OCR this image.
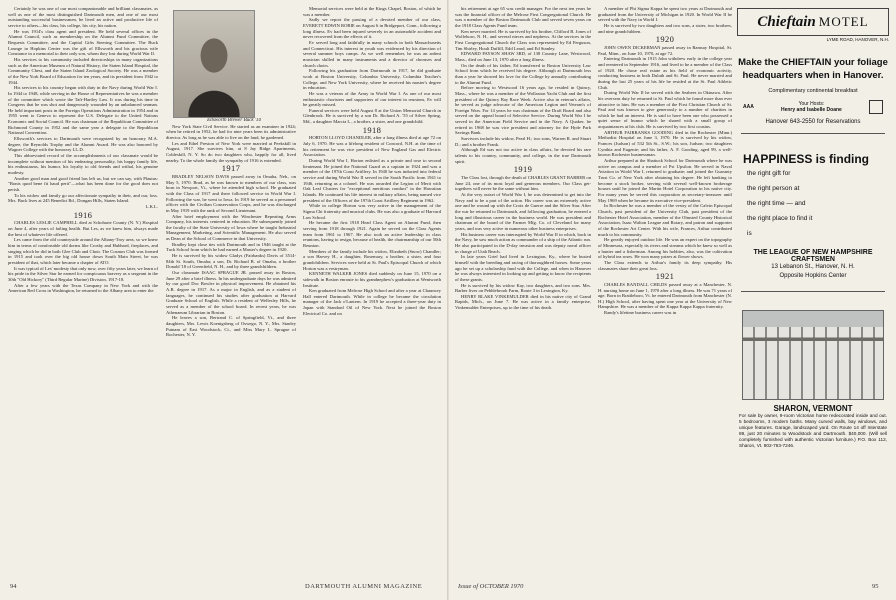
Certainly he was one of our most companionable and brilliant classmates, as well as one of the most distinguished Dartmouth men, and one of our most outstanding successful businessmen, he lived an active and productive life of service to others—his class, his college, his city, his nation.

He was 1914's class agent and president. He held several offices in the Alumni Council, such as membership on the Alumni Fund Committee, the Bequests Committee, and the Capital Gifts Steering Committee. The Buck Lounge in Hopkins Center was the gift of Ellsworth and his gracious wife Constance in a memorial to their only son, whom they lost during World War II.

His services to his community included directorships in many organizations such as the American Museum of Natural History, the Staten Island Hospital, the Community Chest, and the Staten Island Zoological Society. He was a member of the New York Board of Education for ten years, and its president from 1942 to 1944.

His services to his country began with duty in the Navy during World War I. In 1944 to 1948, while serving in the House of Representatives he was a member of the committee which wrote the Taft-Hartley Law. It was during his time in Congress that he was shot and dangerously wounded by an unbalanced seaman. He held important posts in the Foreign Operations Administration in 1954 and in 1955 went to Geneva to represent the U.S. Delegate to the United Nations Economic and Social Council. He was chairman of the Republican Committee of Richmond County in 1952 and the same year a delegate to the Republican National Convention.

Ellsworth's services to Dartmouth were recognized by an honorary M.A. degree, the Reynolds Trophy and the Alumni Award. He was also honored by Wagner College with the honorary LL.D.

This abbreviated record of the accomplishments of our classmate would be incomplete without mention of his endearing personality, his happy family life, his enthusiasms, his humor, his loyalty to old friends and withal, his genuine modesty.

Another good man and good friend has left us, but we can say, with Plautus: "Bonis quod bene fit haud perit"—what has been done for the good does not perish.

To his widow and family go our affectionate sympathy in their, and our, loss. Mrs. Buck lives at 245 Benedict Rd., Dongan Hills, Staten Island.

L.K.L.

1916

CHARLES LESLIE CAMPBELL died at Schoharie County (N. Y.) Hospital on June 4, after years of failing health. But Les, as we knew him, always made the best of whatever life offered.

Les came from the old countryside around the Albany-Troy area, so we knew him in terms of comfortable old dorms like Crosby and Hubbard, fireplaces, and singing which he did in both Glee Club and Choir. The Cosmos Club was formed in 1915 and took over the big old house down South Main Street, he was president of that, which later became a chapter of ATO.

It was typical of Les' modesty that only now, over fifty years later, we learn of his pride in the Silver Star he earned for conspicuous bravery as a sergeant in the 30th "Old Hickory" (Third Regular Marine) Division, 1917-18.

After a few years with the Texas Company in New York and with the American Red Cross in Washington, he returned to the Albany area to enter the

Ellsworth Brewer Buck '14

New York State Civil Service. He started as an examiner in 1924; when he retired in 1952, he had for nine years been its administrative director. As long as he was able to live on the land, he gardened.

Les and Ethel Preston of New York were married at Peekskill in August, 1917. She survives him, at 8 Jay Ridge Apartments, Cobleskill, N. Y. So do two daughters who, happily for all, lived nearby. To the whole family the sympathy of 1916 is extended.

1917

BRADLEY NELSON DAVIS passed away in Omaha, Neb., on May 5, 1970. Brad, as he was known to members of our class, was born in Newport, Vt., where he attended high school. He graduated with the Class of 1917 and there followed service in World War I. Following the war, he went to Iowa. In 1919 he served as a personnel officer with the Civilian Conservation Corps, and he was discharged in May 1919 with the rank of Second Lieutenant.

After brief employment with the Winchester Repeating Arms Company, his interests centered in education. He subsequently joined the faculty of the State University of Iowa where he taught Industrial Management, Marketing, and Scientific Management. He also served as Dean of the School of Commerce in that University.

Bradley kept close ties with Dartmouth and in 1946 taught at the Tuck School from which he had earned a Master's degree in 1920.

He is survived by his widow Gladys (Fairbanks) Davis of 3514-84th St. South, Omaha; a son, Dr. Richard B. of Omaha, a brother Donald '18 of Greenfield, N. H., and by three grandchildren.

Our classmate ISAAC SPRAGUE JR. passed away in Boston, June 29 after a brief illness. In his undergraduate days he was admired by our good Doc Bowler in physical improvement. He obtained his A.B. degree in 1917. As a major in English, and as a student of languages, he continued his studies after graduation at Harvard Graduate School of English. While a resident of Wellesley Hills, he served as a member of the school board. In recent years, he was Athenaeum Librarian in Boston.

He leaves a son, Bertrand C. of Springfield, Vt., and three daughters, Mrs. Lewis Koenigsberg of Oswego, N. Y., Mrs. Stanley Putnam of East Woodstock, Ct., and Miss Mary L. Sprague of Rochester, N. Y.

Memorial services were held at the Kings Chapel, Boston, of which he was a member.

Sadly we report the passing of a devoted member of our class, EVERETT EDWIN ROBIE on August 6 in Bridgeport, Conn., following a long illness. Ev had been injured severely in an automobile accident and never recovered from the effects of it.

Ev served long and faithfully in many schools in both Massachusetts and Connecticut. His interest in youth was evidenced by his direction of several summer boys camps. As we well remember, he was an ardent musician skilled in many instruments and a director of choruses and church choirs.

Following his graduation from Dartmouth in 1917, he did graduate work at Boston University, Columbia University, Columbia Teacher's College, and New York University, where he received his master's degree in education.

He was a veteran of the Army in World War I. As one of our most enthusiastic choristers and supporters of our interest in reunions, Ev will be greatly missed.

Funeral services were held August 8 at the Union Memorial Church in Glenbrook. He is survived by a son Dr. Richard A. '55 of Silver Spring, Md., a daughter Marcia L., a brother, a sister, and one grandchild.

1918

HORTON LLOYD CHANDLER, after a long illness died at age 72 on July 6, 1970. He was a lifelong resident of Concord, N.H. at the time of his retirement he was vice president of New England Gas and Electric Association.

During World War I, Horton enlisted as a private and rose to second lieutenant. He joined the National Guard as a captain in 1924 and was a member of the 197th Coast Artillery. In 1940 he was inducted into federal service and during World War II served in the South Pacific from 1941 to 1946, returning as a colonel. He was awarded the Legion of Merit with Oak Leaf Clusters for "exceptional meritious conduct" in the Hawaiian Islands. He continued his life interest in military affairs, being named vice president of the Officers of the 197th Coast Artillery Regiment in 1962.

While in college Horton was very active in the management of the Sigma Chi fraternity and musical clubs. He was also a graduate of Harvard Law School.

He became the first 1918 Head Class Agent on Alumni Fund, then serving from 1918 through 1921. Again he served on the Class Agents team from 1961 to 1967. He also took an active leadership in class reunions, having to resign, because of health, the chairmanship of our 50th Reunion.

Members of the family include his widow, Elizabeth (Snow) Chandler; a son Harvey H., a daughter, Rosemary, a brother, a sister, and four grandchildren. Services were held at St. Paul's Episcopal Church of which Horton was a vestryman.

KENNETH WALKER JONES died suddenly on June 15, 1970 on a sidewalk in Boston enroute to his grandnephew's graduation at Wentworth Institute.

Ken graduated from Melrose High School and after a year at Chauncey Hall entered Dartmouth. While in college he became the circulation manager of the Jack o'Lantern. In 1919 he accepted a three-year duty in Japan with Standard Oil of New York. Next he joined the Boston Electrical Co. and on

94	DARTMOUTH ALUMNI MAGAZINE

his retirement at age 65 was credit manager. For the next ten years he was the financial officer of the Melrose First Congregational Church. He was a member of the Boston Dartmouth Club and served seven years on the 1918 Class Agents Fund team.

Ken never married. He is survived by his brother, Clifford B. Jones of Wolfeboro, N. H., and several nieces and nephews. At the services in the First Congregational Church the Class was represented by Ed Ferguson, Tim Shirley, Hoult Duffill, Edd Leard, and Ed Stanley.

EDWARD PAYSON SHAW 3RD, of 138 Country Lane, Westwood, Mass., died on June 13, 1970 after a long illness.

On the death of his father, Ed transferred to Boston University Law School from which he received his degree. Although at Dartmouth less than a year he showed his love for the College by annually contributing to the Alumni Fund.

Before moving to Westwood 16 years ago, he resided in Quincy, Mass., where he was a member of the Wollaston Yacht Club and the first president of the Quincy Bay Race Week. Active also in veteran's affairs, he served as judge advocate of the American Legion and Veteran's of Foreign Wars. For 14 years he was chairman of the Draft Board and also served on the appeal board of Selective Service. During World War I he served in the American Field Service and in the Navy. A Quaker, he retired in 1968 he was vice president and attorney for the Hyde Park Savings Bank.

Survivors include his widow, Pearl H.; two sons, Warren R. and Stuart D.; and a brother Frank.

Although Ed was not too active in class affairs, he devoted his rare talents to his country, community, and college, in the true Dartmouth spirit.

1919

The Class lost, through the death of CHARLES GRANT BARBER on June 24, one of its most loyal and generous members. Our Class get-togethers will never be the same without him.

At the very outset of World War I, he was determined to get into the Navy and to be a part of the action. His career was an extremely active one and he wound up with the Croix de Guerre and the Silver Star. After the war he returned to Dartmouth, and following graduation, he entered a long and illustrious career in the business world. He was president and chairman of the board of the Farmer Mfg. Co. of Cleveland for many years, and was very active in numerous other business enterprises.

His business career was interrupted by World War II in which, back in the Navy, he saw much action as commander of a ship of the Atlantic run. He also participated in the D-day invasion and was deputy naval officer in charge of Utah Beach.

In late years Grief had lived in Lexington, Ky., where he busied himself with the breeding and racing of thoroughbred horses. Some years ago he set up a scholarship fund with the College, and when in Hanover he was always interested in looking up and getting to know the recipients of these grants.

He is survived by his widow Kay, two daughters, and two sons. Mrs. Barber lives on Pebblebrook Farm, Route 3 in Lexington, Ky.

HENRY BLAKE VINKEMULDER died in his native city of Grand Rapids, Mich., on June 7. He was active in a family enterprise, Vinkemulder Enterprises, up to the time of his death.

A member of Phi Sigma Kappa he spent two years at Dartmouth and graduated from the University of Michigan in 1920. In World War II he served with the Navy in World I.

He is survived by two daughters and two sons, a sister, two brothers, and nine grandchildren.

1920

JOHN OWEN DICKERMAN passed away in Ramsay Hospital, St. Paul, Minn., on June 10, 1970, at age 72.

Entering Dartmouth in 1915 John withdrew early in the college year and reentered in September 1916, and lived to be a member of the Class of 1920. He chose real estate as his field of economic activity, conducting business in both Duluth and St. Paul. He never married and during the last 25 years of his life he resided at the St. Paul Athletic Club.

During World War II he served with the Seabees in Okinawa. After his overseas duty he returned to St. Paul which he found more than ever attractive to him. He was a member of the First Christian Church of St. Paul and was known to give generously to a number of charities in which he had an interest. He is said to have been one who possessed a quiet sense of humor which he shared with a small group of acquaintances at his club. He is survived by two first cousins.

ARTHUR FAIRBANKS GOODING died in the Rochester (Minn.) Methodist Hospital on June 3, 1970. He is survived by his widow, Frances (Judson) of 532 5th St., S.W.; his son, Judson; two daughters Cynthia and Eugenie; and his father, A. F. Gooding, aged 99, a well-known Rochester businessman.

Arthur prepared at the Shattuck School for Dartmouth where he was active on campus and a member of Psi Upsilon. He served in Naval Aviation in World War I, returned to graduate; and joined the Guaranty Trust Co. of New York after obtaining his degree. He left banking to become a stock broker, serving with several well-known brokerage houses until he joined the Martin Hotel Corporation in his native city. For many years he served this corporation as secretary-treasurer until May 1969 when he became its executive vice-president.

In Rochester he was a member of the vestry of the Calvin Episcopal Church, past president of the University Club, past president of the Rochester Hotel Association, member of the Olmsted County Historical Association, Isaac Walton League and Rotary, and patron and supporter of the Rochester Art Center. With his wife, Frances, Arthur contributed much to his community.

He greatly enjoyed outdoor life. He was an expert on the topography of Minnesota, especially its rivers and streams which he knew so well as a hunter and a fisherman. Among his hobbies, also, was the cultivation of hybrid tea roses. He won many prizes at flower shows.

The Class extends to Arthur's family its deep sympathy. His classmates share their great loss.

1921

CHARLES RANDALL CHILDS passed away at a Manchester, N. H. nursing home on June 1, 1970 after a long illness. He was 71 years of age. Born in Brattleboro, Vt. he entered Dartmouth from Manchester (N. H.) High School, after having spent one year at the University of New Hampshire. He was a member of the Kappa Kappa Kappa fraternity.

Randy's lifetime business career was in

Issue of OCTOBER 1970	95
Chieftain MOTEL
LYME ROAD, HANOVER, N.H.
Make the CHIEFTAIN your foliage headquarters when in Hanover.
Complimentary continental breakfast
AAA	Your Hosts:
Henry and Isabelle Doane
Hanover 643-2550 for Reservations
HAPPINESS is finding
the right gift for
the right person at
the right time — and
the right place to find it
is
THE LEAGUE OF NEW HAMPSHIRE CRAFTSMEN
13 Lebanon St., Hanover, N. H.
Opposite Hopkins Center
SHARON, VERMONT
For sale by owner, 9-room Victorian home redecorated inside and out. 5 bedrooms, 3 modern baths. Many curved walls, bay windows, and unique features. Garage, landscaped yard. On Route 14 off Interstate 89, just 20 minutes to Woodstock and Dartmouth. $40,000. (Will sell completely furnished with authentic Victorian furniture.) P.O. Box 112, Sharon, Vt. 802-763-7246.
